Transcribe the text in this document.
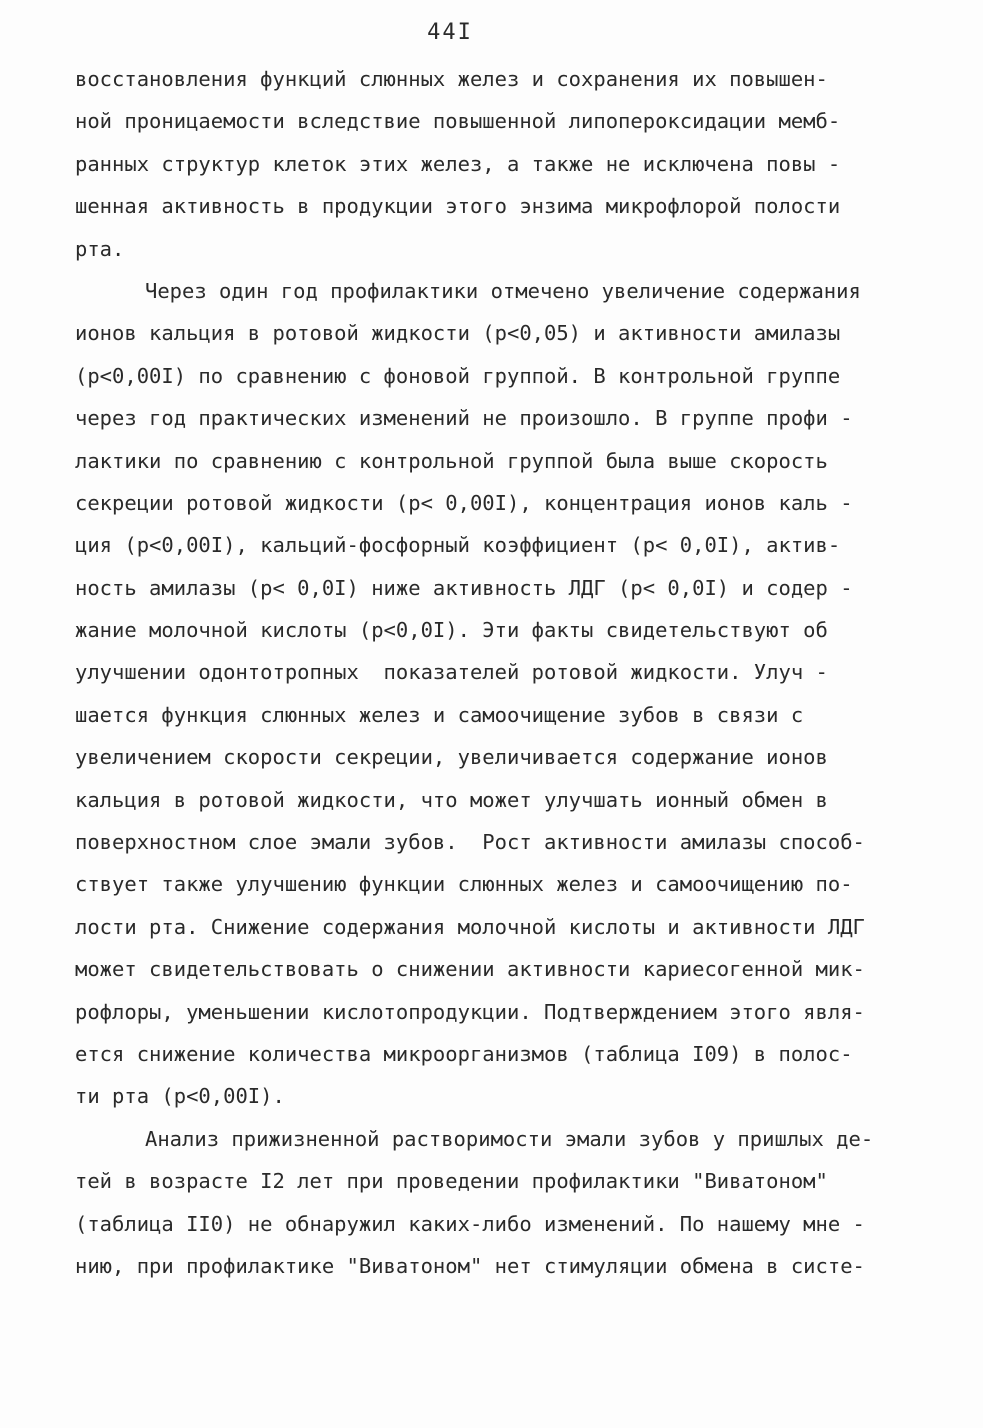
44I
восстановления функций слюнных желез и сохранения их повышен-
ной проницаемости вследствие повышенной липопероксидации мемб-
ранных структур клеток этих желез, а также не исключена повы -
шенная активность в продукции этого энзима микрофлорой полости
рта.
Через один год профилактики отмечено увеличение содержания
ионов кальция в ротовой жидкости (p<0,05) и активности амилазы
(p<0,00I) по сравнению с фоновой группой. В контрольной группе
через год практических изменений не произошло. В группе профи -
лактики по сравнению с контрольной группой была выше скорость
секреции ротовой жидкости (p< 0,00I), концентрация ионов каль -
ция (p<0,00I), кальций-фосфорный коэффициент (p< 0,0I), актив-
ность амилазы (p< 0,0I) ниже активность ЛДГ (p< 0,0I) и содер -
жание молочной кислоты (p<0,0I). Эти факты свидетельствуют об
улучшении одонтотропных  показателей ротовой жидкости. Улуч -
шается функция слюнных желез и самоочищение зубов в связи с
увеличением скорости секреции, увеличивается содержание ионов
кальция в ротовой жидкости, что может улучшать ионный обмен в
поверхностном слое эмали зубов.  Рост активности амилазы способ-
ствует также улучшению функции слюнных желез и самоочищению по-
лости рта. Снижение содержания молочной кислоты и активности ЛДГ
может свидетельствовать о снижении активности кариесогенной мик-
рофлоры, уменьшении кислотопродукции. Подтверждением этого явля-
ется снижение количества микроорганизмов (таблица I09) в полос-
ти рта (p<0,00I).
Анализ прижизненной растворимости эмали зубов у пришлых де-
тей в возрасте I2 лет при проведении профилактики "Виватоном"
(таблица II0) не обнаружил каких-либо изменений. По нашему мне -
нию, при профилактике "Виватоном" нет стимуляции обмена в систе-
